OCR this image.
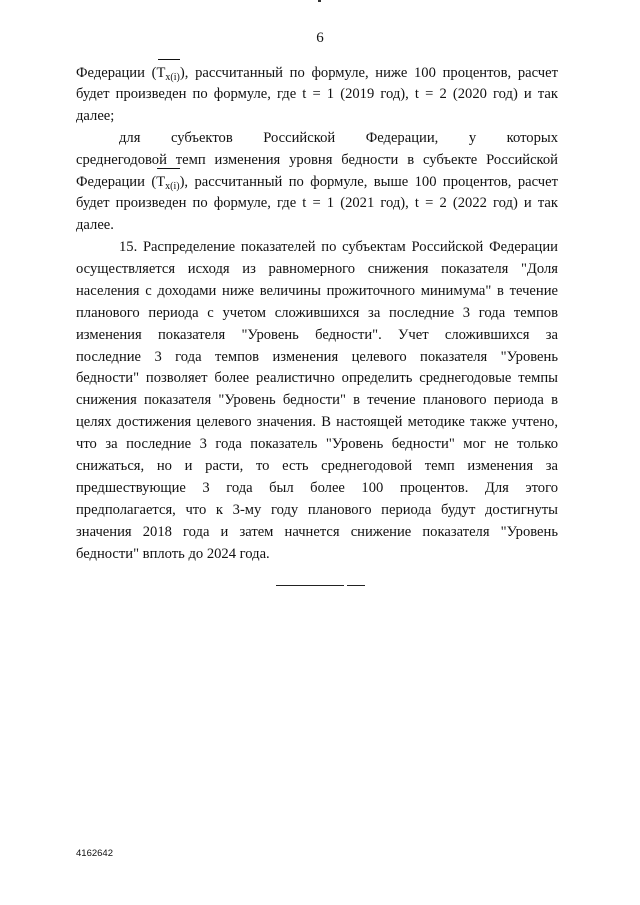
6
Федерации (
$T_{x(i)}$), рассчитанный по формуле, ниже 100 процентов, расчет
будет произведен по формуле, где t = 1 (2019 год), t = 2 (2020 год) и так
далее;
для субъектов Российской Федерации, у которых
среднегодовой темп изменения уровня бедности в субъекте Российской
Федерации (
$T_{x(i)}$), рассчитанный по формуле, выше 100 процентов, расчет
будет произведен по формуле, где t = 1 (2021 год), t = 2 (2022 год) и так
далее.
15. Распределение показателей по субъектам Российской Федерации
осуществляется исходя из равномерного снижения показателя "Доля
населения с доходами ниже величины прожиточного минимума" в течение
планового периода с учетом сложившихся за последние 3 года темпов
изменения показателя "Уровень бедности". Учет сложившихся за
последние 3 года темпов изменения целевого показателя "Уровень
бедности" позволяет более реалистично определить среднегодовые темпы
снижения показателя "Уровень бедности" в течение планового периода в
целях достижения целевого значения. В настоящей методике также учтено,
что за последние 3 года показатель "Уровень бедности" мог не только
снижаться, но и расти, то есть среднегодовой темп изменения за
предшествующие 3 года был более 100 процентов. Для этого
предполагается, что к 3-му году планового периода будут достигнуты
значения 2018 года и затем начнется снижение показателя "Уровень
бедности" вплоть до 2024 года.
4162642
